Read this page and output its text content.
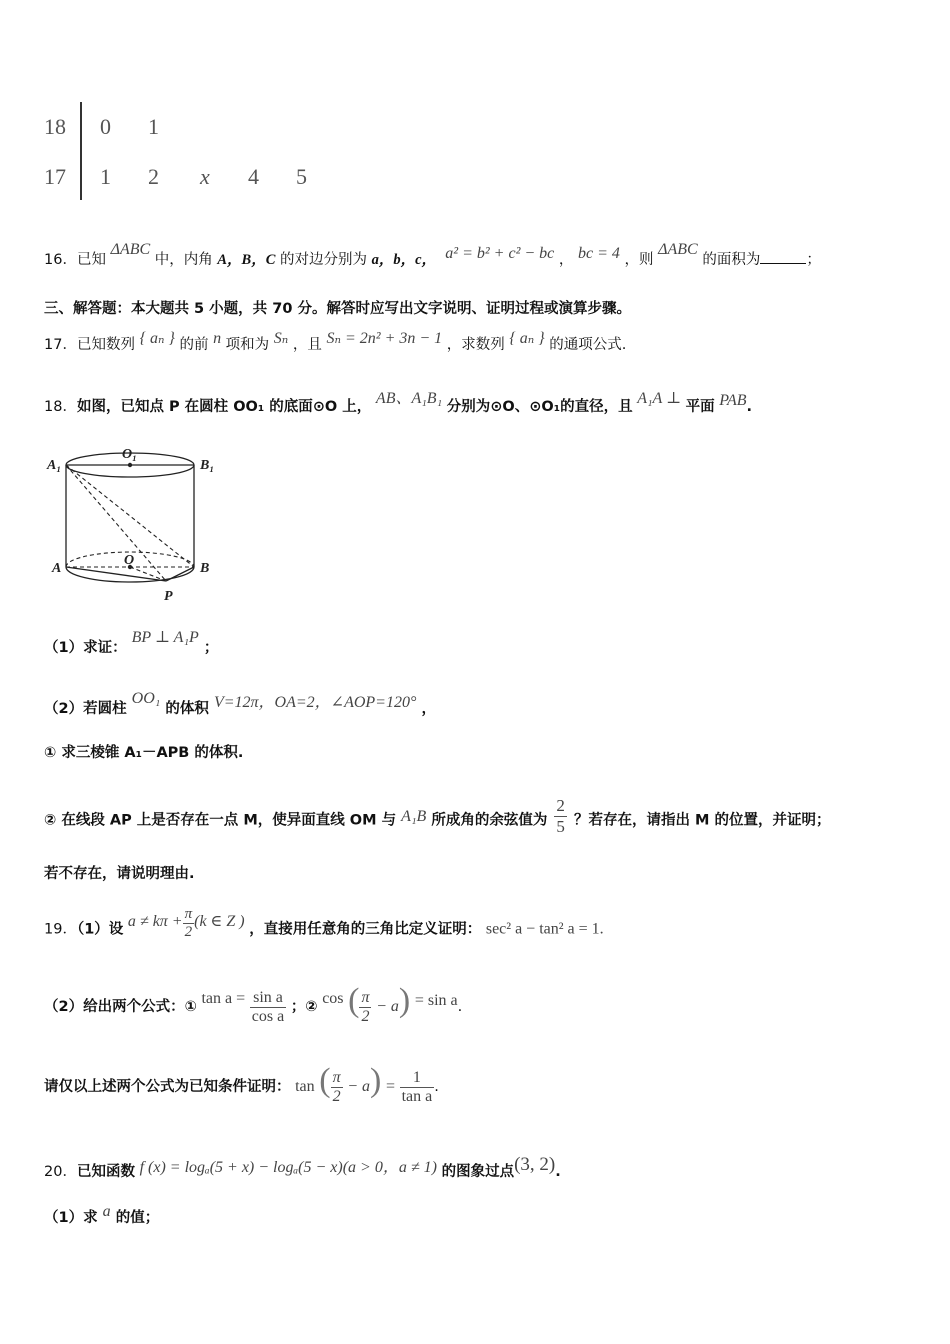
18 0 1
17 1 2 x 4 5
16．已知 ΔABC 中，内角 A，B，C 的对边分别为 a，b，c， a² = b² + c² − bc ， bc = 4 ，则 ΔABC 的面积为	；
三、解答题：本大题共 5 小题，共 70 分。解答时应写出文字说明、证明过程或演算步骤。
17．已知数列 { aₙ } 的前 n 项和为 Sₙ ，且 Sₙ = 2n² + 3n − 1 ，求数列 { aₙ } 的通项公式.
18．如图，已知点 P 在圆柱 OO₁ 的底面⊙O 上， AB、A₁B₁ 分别为⊙O、⊙O₁的直径，且 A₁A ⊥ 平面 PAB.
O₁
A₁	B₁
O
A	B
P
（1）求证： BP ⊥ A₁P ；
（2）若圆柱 OO₁ 的体积 V=12π，OA=2，∠AOP=120° ，
① 求三棱锥 A₁－APB 的体积.
② 在线段 AP 上是否存在一点 M，使异面直线 OM 与 A₁B 所成角的余弦值为 $\frac{2}{5}$ ？若存在，请指出 M 的位置，并证明；
若不存在，请说明理由.
19．（1）设 $a \ne k\pi + \frac{\pi}{2} (k$ ∈ Z ) ，直接用任意角的三角比定义证明： sec² a − tan² a = 1.
（2）给出两个公式：① $\tan a = \frac{\text{sin a}}{\text{cos a}}$ ；② cos ( $\frac{\pi}{2} - a) = \sin a$.
请仅以上述两个公式为已知条件证明： tan ( $\frac{\pi}{2} - a) = \frac{1}{\text{tan a}}$ .
20．已知函数 f (x) = logₐ(5 + x) − logₐ(5 − x)(a > 0，a ≠ 1) 的图象过点(3, 2).
（1）求 a 的值；
